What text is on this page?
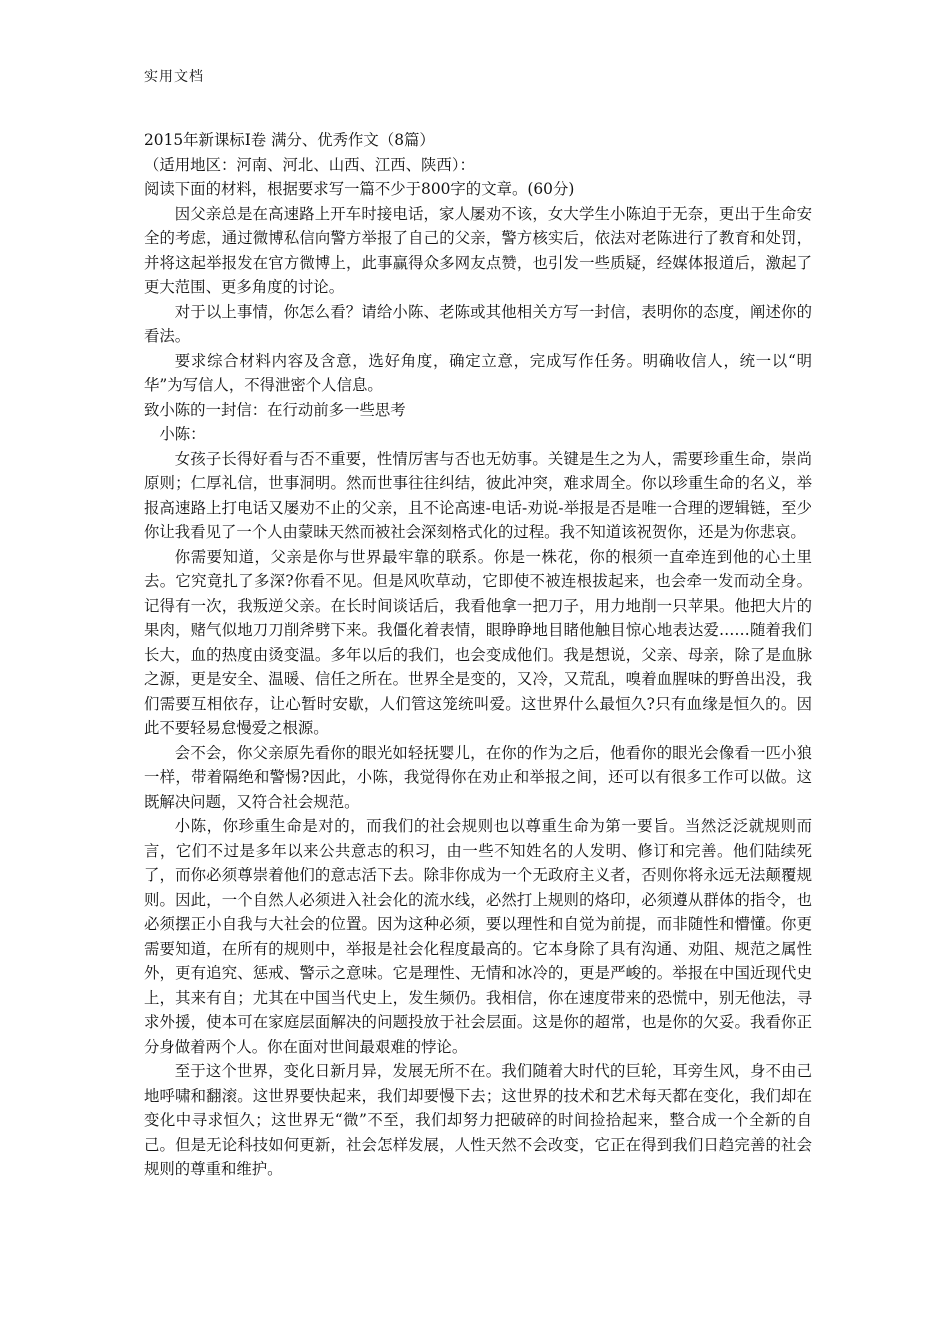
实用文档

2015年新课标Ⅰ卷 满分、优秀作文（8篇）

（适用地区：河南、河北、山西、江西、陕西）：

阅读下面的材料，根据要求写一篇不少于800字的文章。(60分)

因父亲总是在高速路上开车时接电话，家人屡劝不该，女大学生小陈迫于无奈，更出于生命安全的考虑，通过微博私信向警方举报了自己的父亲，警方核实后，依法对老陈进行了教育和处罚，并将这起举报发在官方微博上，此事赢得众多网友点赞，也引发一些质疑，经媒体报道后，激起了更大范围、更多角度的讨论。

对于以上事情，你怎么看？请给小陈、老陈或其他相关方写一封信，表明你的态度，阐述你的看法。

要求综合材料内容及含意，选好角度，确定立意，完成写作任务。明确收信人，统一以“明华”为写信人，不得泄密个人信息。

致小陈的一封信：在行动前多一些思考

小陈：

女孩子长得好看与否不重要，性情厉害与否也无妨事。关键是生之为人，需要珍重生命，崇尚原则；仁厚礼信，世事洞明。然而世事往往纠结，彼此冲突，难求周全。你以珍重生命的名义，举报高速路上打电话又屡劝不止的父亲，且不论高速-电话-劝说-举报是否是唯一合理的逻辑链，至少你让我看见了一个人由蒙昧天然而被社会深刻格式化的过程。我不知道该祝贺你，还是为你悲哀。

你需要知道，父亲是你与世界最牢靠的联系。你是一株花，你的根须一直牵连到他的心土里去。它究竟扎了多深?你看不见。但是风吹草动，它即使不被连根拔起来，也会牵一发而动全身。记得有一次，我叛逆父亲。在长时间谈话后，我看他拿一把刀子，用力地削一只苹果。他把大片的果肉，赌气似地刀刀削斧劈下来。我僵化着表情，眼睁睁地目睹他触目惊心地表达爱……随着我们长大，血的热度由烫变温。多年以后的我们，也会变成他们。我是想说，父亲、母亲，除了是血脉之源，更是安全、温暖、信任之所在。世界全是变的，又冷，又荒乱，嗅着血腥味的野兽出没，我们需要互相依存，让心暂时安歇，人们管这笼统叫爱。这世界什么最恒久?只有血缘是恒久的。因此不要轻易怠慢爱之根源。

会不会，你父亲原先看你的眼光如轻抚婴儿，在你的作为之后，他看你的眼光会像看一匹小狼一样，带着隔绝和警惕?因此，小陈，我觉得你在劝止和举报之间，还可以有很多工作可以做。这既解决问题，又符合社会规范。

小陈，你珍重生命是对的，而我们的社会规则也以尊重生命为第一要旨。当然泛泛就规则而言，它们不过是多年以来公共意志的积习，由一些不知姓名的人发明、修订和完善。他们陆续死了，而你必须尊崇着他们的意志活下去。除非你成为一个无政府主义者，否则你将永远无法颠覆规则。因此，一个自然人必须进入社会化的流水线，必然打上规则的烙印，必须遵从群体的指令，也必须摆正小自我与大社会的位置。因为这种必须，要以理性和自觉为前提，而非随性和懵懂。你更需要知道，在所有的规则中，举报是社会化程度最高的。它本身除了具有沟通、劝阻、规范之属性外，更有追究、惩戒、警示之意味。它是理性、无情和冰冷的，更是严峻的。举报在中国近现代史上，其来有自；尤其在中国当代史上，发生频仍。我相信，你在速度带来的恐慌中，别无他法，寻求外援，使本可在家庭层面解决的问题投放于社会层面。这是你的超常，也是你的欠妥。我看你正分身做着两个人。你在面对世间最艰难的悖论。

至于这个世界，变化日新月异，发展无所不在。我们随着大时代的巨轮，耳旁生风，身不由己地呼啸和翻滚。这世界要快起来，我们却要慢下去；这世界的技术和艺术每天都在变化，我们却在变化中寻求恒久；这世界无“微”不至，我们却努力把破碎的时间捡拾起来，整合成一个全新的自己。但是无论科技如何更新，社会怎样发展，人性天然不会改变，它正在得到我们日趋完善的社会规则的尊重和维护。
